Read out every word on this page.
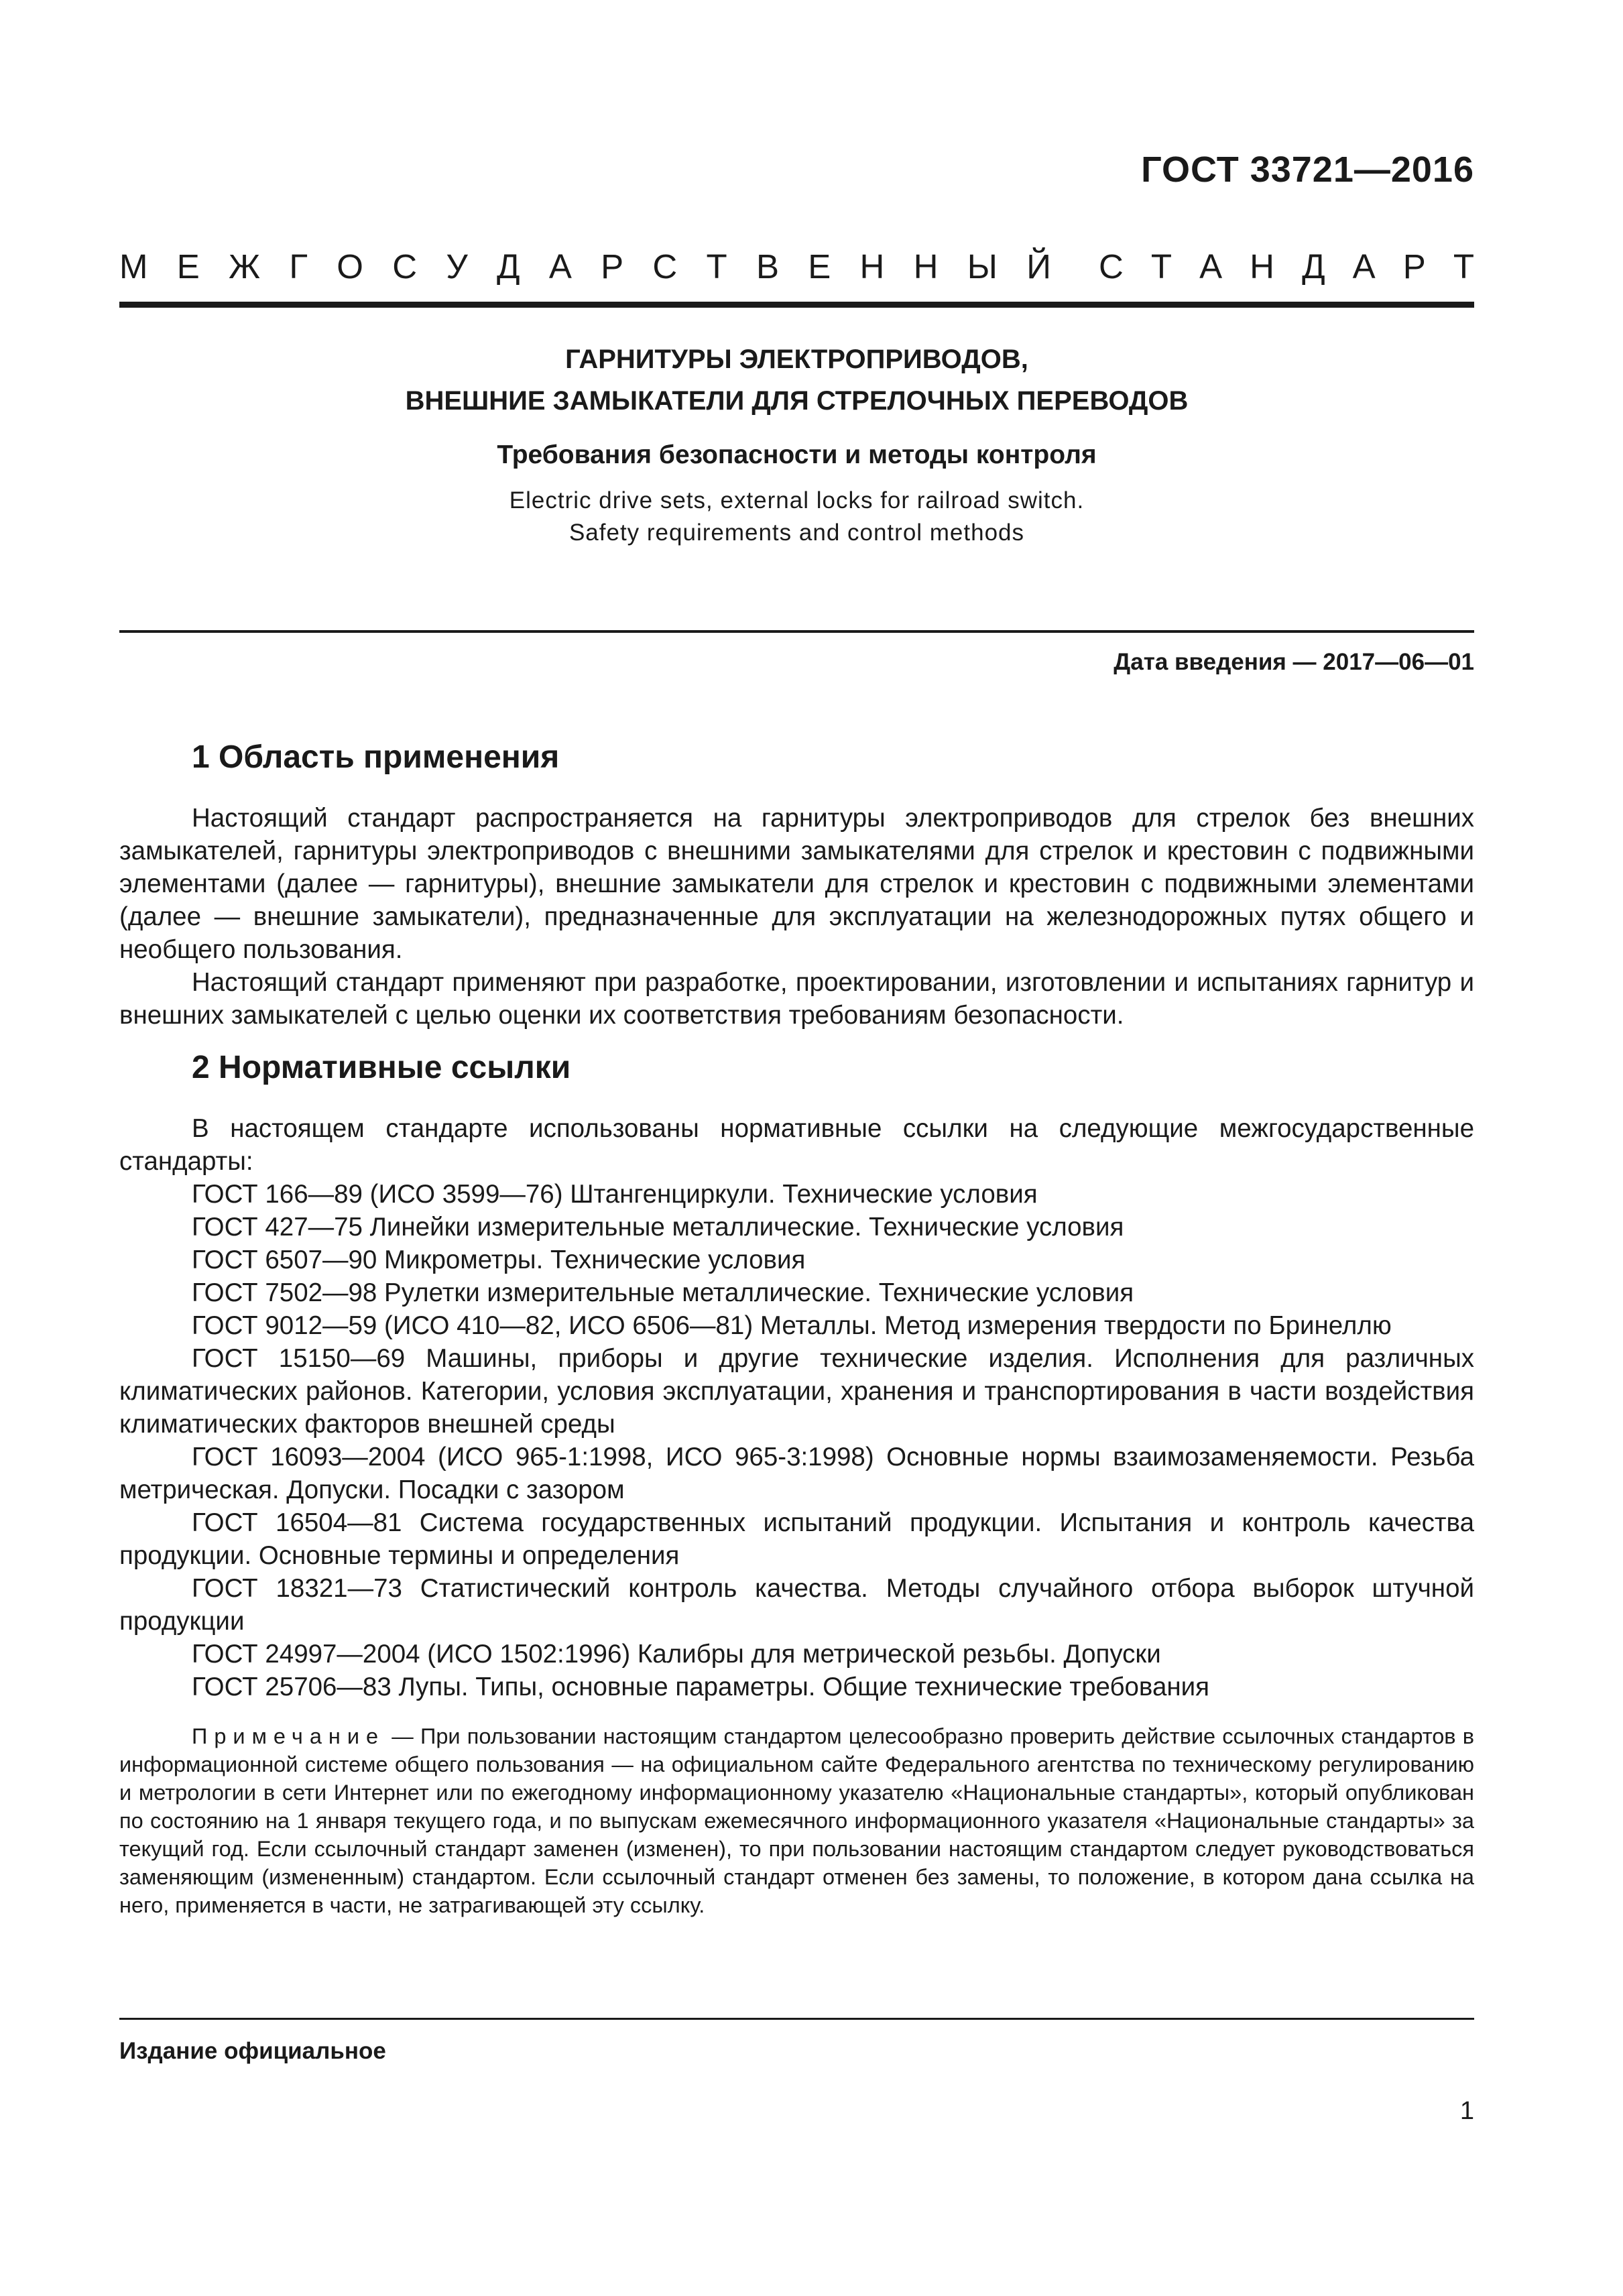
ГОСТ 33721—2016
М Е Ж Г О С У Д А Р С Т В Е Н Н Ы Й С Т А Н Д А Р Т
ГАРНИТУРЫ ЭЛЕКТРОПРИВОДОВ,
ВНЕШНИЕ ЗАМЫКАТЕЛИ ДЛЯ СТРЕЛОЧНЫХ ПЕРЕВОДОВ
Требования безопасности и методы контроля
Electric drive sets, external locks for railroad switch.
Safety requirements and control methods
Дата введения — 2017—06—01
1 Область применения

Настоящий стандарт распространяется на гарнитуры электроприводов для стрелок без внешних замыкателей, гарнитуры электроприводов с внешними замыкателями для стрелок и крестовин с подвижными элементами (далее — гарнитуры), внешние замыкатели для стрелок и крестовин с подвижными элементами (далее — внешние замыкатели), предназначенные для эксплуатации на железнодорожных путях общего и необщего пользования.

Настоящий стандарт применяют при разработке, проектировании, изготовлении и испытаниях гарнитур и внешних замыкателей с целью оценки их соответствия требованиям безопасности.

2 Нормативные ссылки

В настоящем стандарте использованы нормативные ссылки на следующие межгосударственные стандарты:

ГОСТ 166—89 (ИСО 3599—76) Штангенциркули. Технические условия

ГОСТ 427—75 Линейки измерительные металлические. Технические условия

ГОСТ 6507—90 Микрометры. Технические условия

ГОСТ 7502—98 Рулетки измерительные металлические. Технические условия

ГОСТ 9012—59 (ИСО 410—82, ИСО 6506—81) Металлы. Метод измерения твердости по Бринеллю

ГОСТ 15150—69 Машины, приборы и другие технические изделия. Исполнения для различных климатических районов. Категории, условия эксплуатации, хранения и транспортирования в части воздействия климатических факторов внешней среды

ГОСТ 16093—2004 (ИСО 965-1:1998, ИСО 965-3:1998) Основные нормы взаимозаменяемости. Резьба метрическая. Допуски. Посадки с зазором

ГОСТ 16504—81 Система государственных испытаний продукции. Испытания и контроль качества продукции. Основные термины и определения

ГОСТ 18321—73 Статистический контроль качества. Методы случайного отбора выборок штучной продукции

ГОСТ 24997—2004 (ИСО 1502:1996) Калибры для метрической резьбы. Допуски

ГОСТ 25706—83 Лупы. Типы, основные параметры. Общие технические требования

Примечание — При пользовании настоящим стандартом целесообразно проверить действие ссылочных стандартов в информационной системе общего пользования — на официальном сайте Федерального агентства по техническому регулированию и метрологии в сети Интернет или по ежегодному информационному указателю «Национальные стандарты», который опубликован по состоянию на 1 января текущего года, и по выпускам ежемесячного информационного указателя «Национальные стандарты» за текущий год. Если ссылочный стандарт заменен (изменен), то при пользовании настоящим стандартом следует руководствоваться заменяющим (измененным) стандартом. Если ссылочный стандарт отменен без замены, то положение, в котором дана ссылка на него, применяется в части, не затрагивающей эту ссылку.

Издание официальное
1
